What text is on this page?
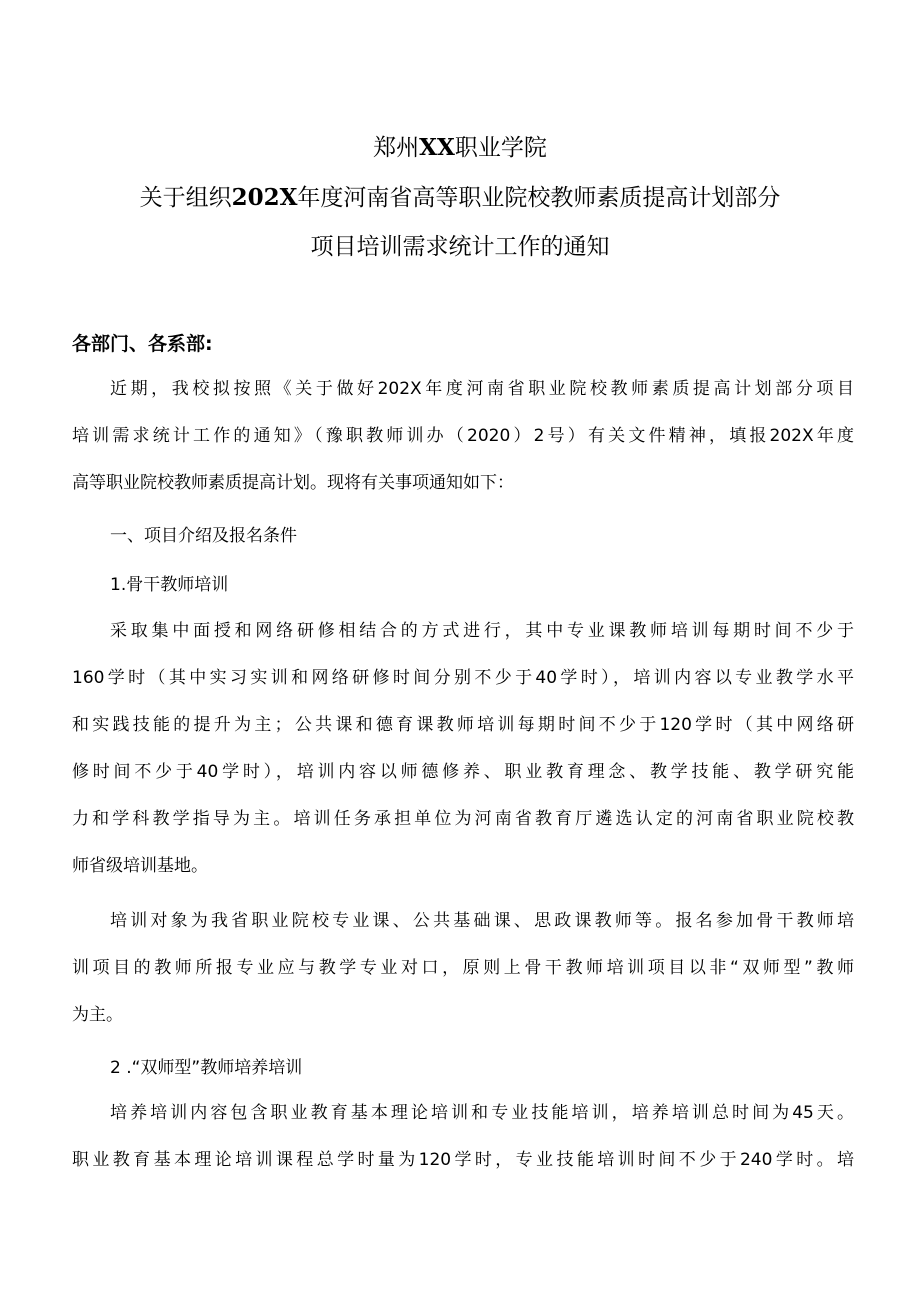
郑州XX职业学院
关于组织202X年度河南省高等职业院校教师素质提高计划部分
项目培训需求统计工作的通知
各部门、各系部:
近期，我校拟按照《关于做好202X年度河南省职业院校教师素质提高计划部分项目
培训需求统计工作的通知》（豫职教师训办（2020）2号）有关文件精神，填报202X年度
高等职业院校教师素质提高计划。现将有关事项通知如下：
一、项目介绍及报名条件
1.骨干教师培训
采取集中面授和网络研修相结合的方式进行，其中专业课教师培训每期时间不少于
160学时（其中实习实训和网络研修时间分别不少于40学时），培训内容以专业教学水平
和实践技能的提升为主；公共课和德育课教师培训每期时间不少于120学时（其中网络研
修时间不少于40学时），培训内容以师德修养、职业教育理念、教学技能、教学研究能
力和学科教学指导为主。培训任务承担单位为河南省教育厅遴选认定的河南省职业院校教
师省级培训基地。
培训对象为我省职业院校专业课、公共基础课、思政课教师等。报名参加骨干教师培
训项目的教师所报专业应与教学专业对口，原则上骨干教师培训项目以非“双师型”教师
为主。
2 .“双师型”教师培养培训
培养培训内容包含职业教育基本理论培训和专业技能培训，培养培训总时间为45天。
职业教育基本理论培训课程总学时量为120学时，专业技能培训时间不少于240学时。培
